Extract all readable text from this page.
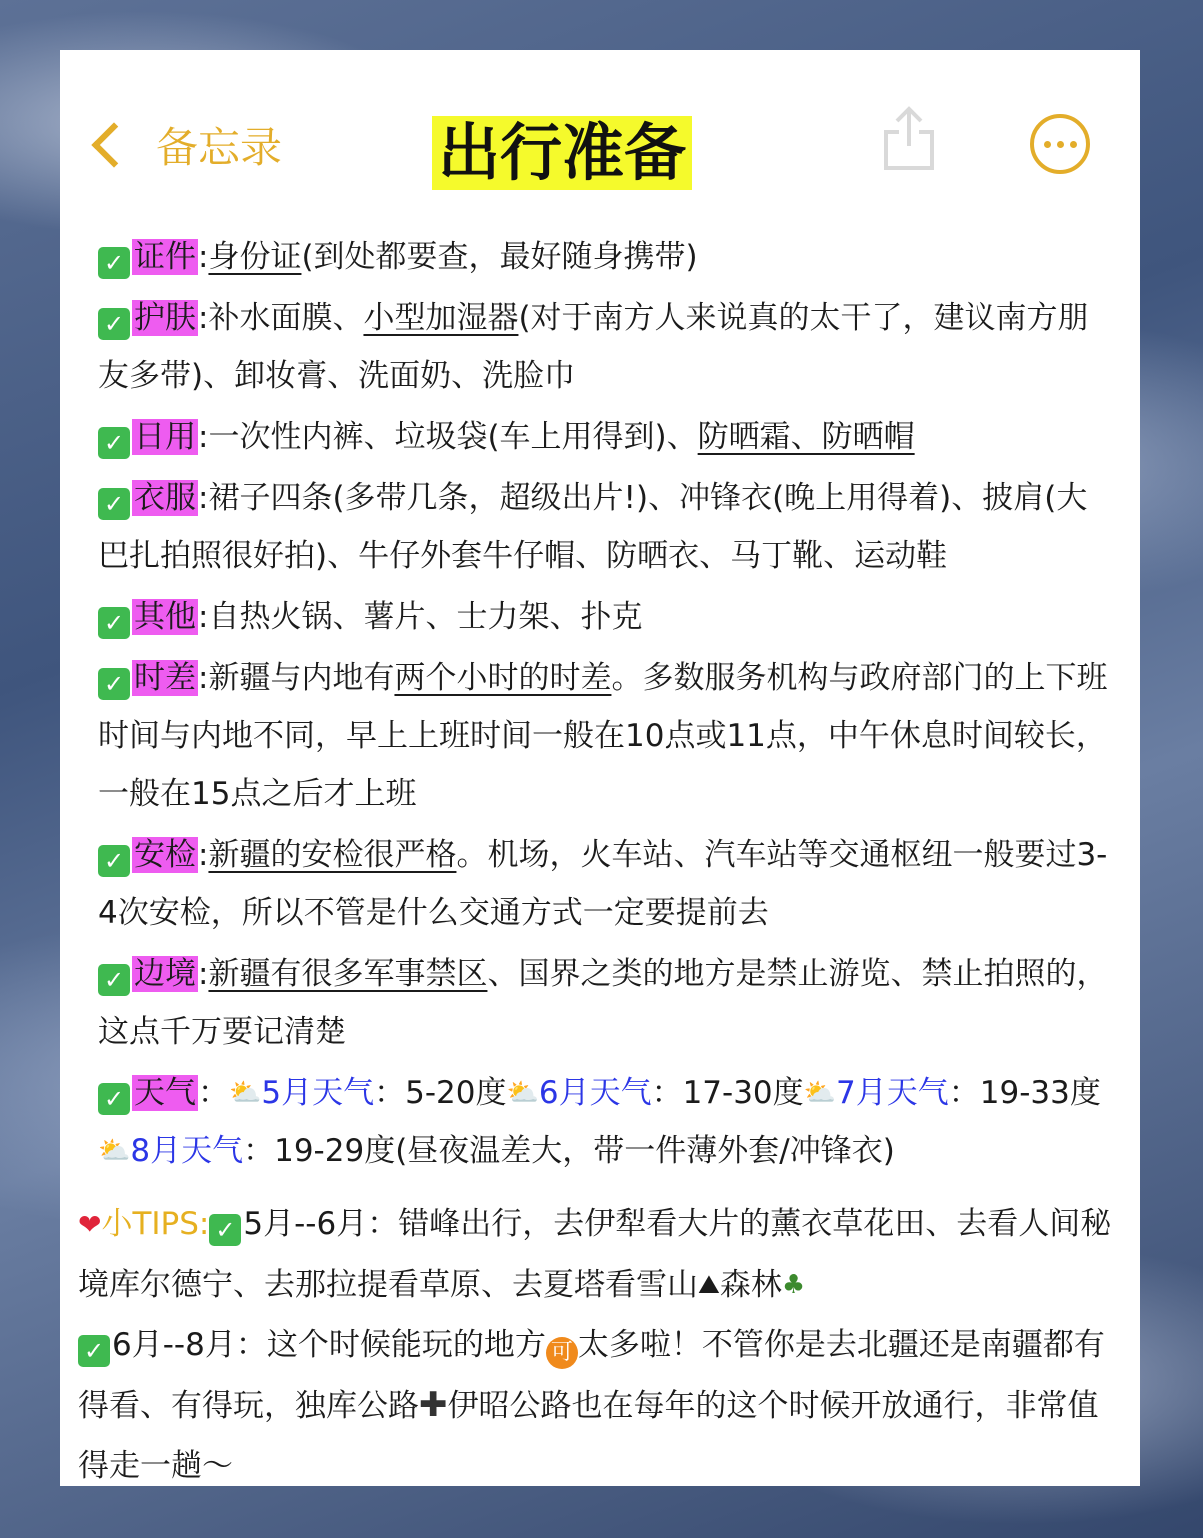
备忘录	出行准备
✓ 证件:身份证(到处都要查，最好随身携带)
✓ 护肤:补水面膜、小型加湿器(对于南方人来说真的太干了，建议南方朋友多带)、卸妆膏、洗面奶、洗脸巾
✓ 日用:一次性内裤、垃圾袋(车上用得到)、防晒霜、防晒帽
✓ 衣服:裙子四条(多带几条，超级出片!)、冲锋衣(晚上用得着)、披肩(大巴扎拍照很好拍)、牛仔外套牛仔帽、防晒衣、马丁靴、运动鞋
✓ 其他:自热火锅、薯片、士力架、扑克
✓ 时差:新疆与内地有两个小时的时差。多数服务机构与政府部门的上下班时间与内地不同，早上上班时间一般在10点或11点，中午休息时间较长，一般在15点之后才上班
✓ 安检:新疆的安检很严格。机场，火车站、汽车站等交通枢纽一般要过3-4次安检，所以不管是什么交通方式一定要提前去
✓ 边境:新疆有很多军事禁区、国界之类的地方是禁止游览、禁止拍照的，这点千万要记清楚
✓ 天气：⛅5月天气：5-20度⛅6月天气：17-30度⛅7月天气：19-33度⛅8月天气：19-29度(昼夜温差大，带一件薄外套/冲锋衣)
❤小TIPS: ✓ 5月--6月：错峰出行，去伊犁看大片的薰衣草花田、去看人间秘境库尔德宁、去那拉提看草原、去夏塔看雪山⛰森林♣
✓ 6月--8月：这个时候能玩的地方 可 太多啦！不管你是去北疆还是南疆都有得看、有得玩，独库公路✚伊昭公路也在每年的这个时候开放通行，非常值得走一趟～
